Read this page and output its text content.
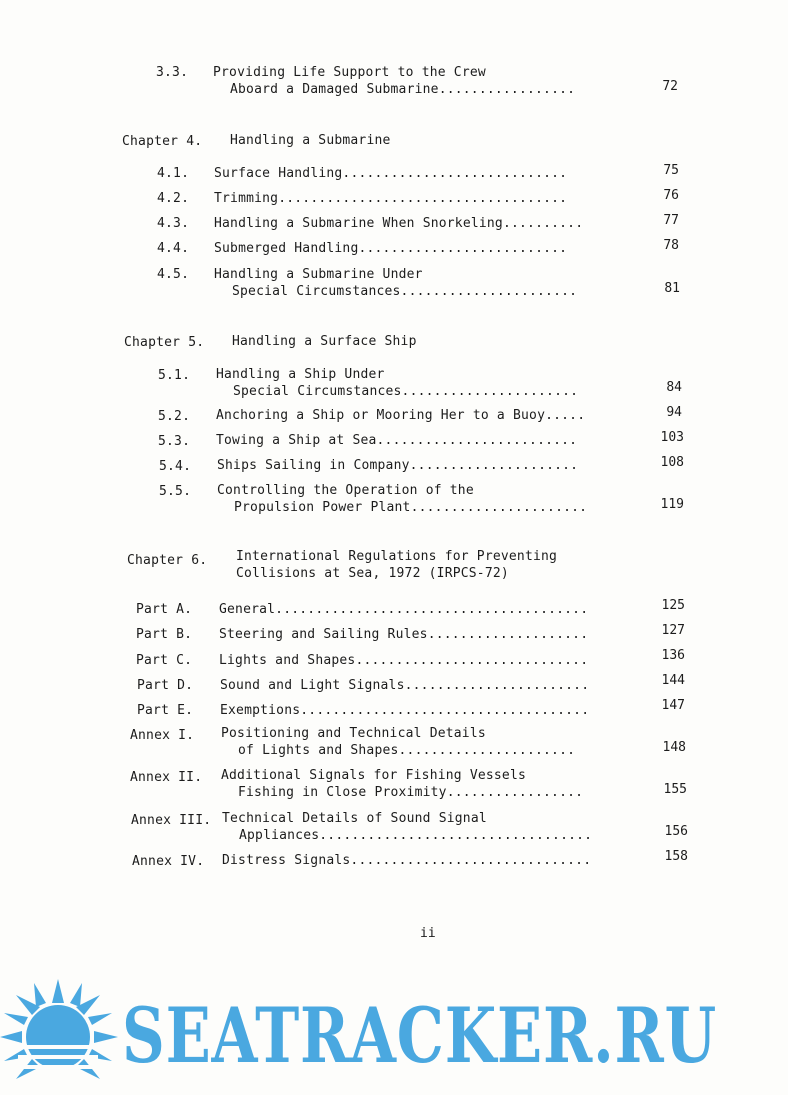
3.3. Providing Life Support to the Crew
Aboard a Damaged Submarine.................	72
Chapter 4. Handling a Submarine
4.1. Surface Handling............................	75
4.2. Trimming....................................	76
4.3. Handling a Submarine When Snorkeling..........	77
4.4. Submerged Handling..........................	78
4.5. Handling a Submarine Under
Special Circumstances......................	81
Chapter 5. Handling a Surface Ship
5.1. Handling a Ship Under
Special Circumstances......................	84
5.2. Anchoring a Ship or Mooring Her to a Buoy.....	94
5.3. Towing a Ship at Sea.........................	103
5.4. Ships Sailing in Company.....................	108
5.5. Controlling the Operation of the
Propulsion Power Plant......................	119
Chapter 6. International Regulations for Preventing
Collisions at Sea, 1972 (IRPCS-72)
Part A. General.......................................	125
Part B. Steering and Sailing Rules....................	127
Part C. Lights and Shapes.............................	136
Part D. Sound and Light Signals.......................	144
Part E. Exemptions....................................	147
Annex I. Positioning and Technical Details
of Lights and Shapes......................	148
Annex II. Additional Signals for Fishing Vessels
Fishing in Close Proximity.................	155
Annex III. Technical Details of Sound Signal
Appliances..................................	156
Annex IV. Distress Signals..............................	158
ii
SEATRACKER.RU
